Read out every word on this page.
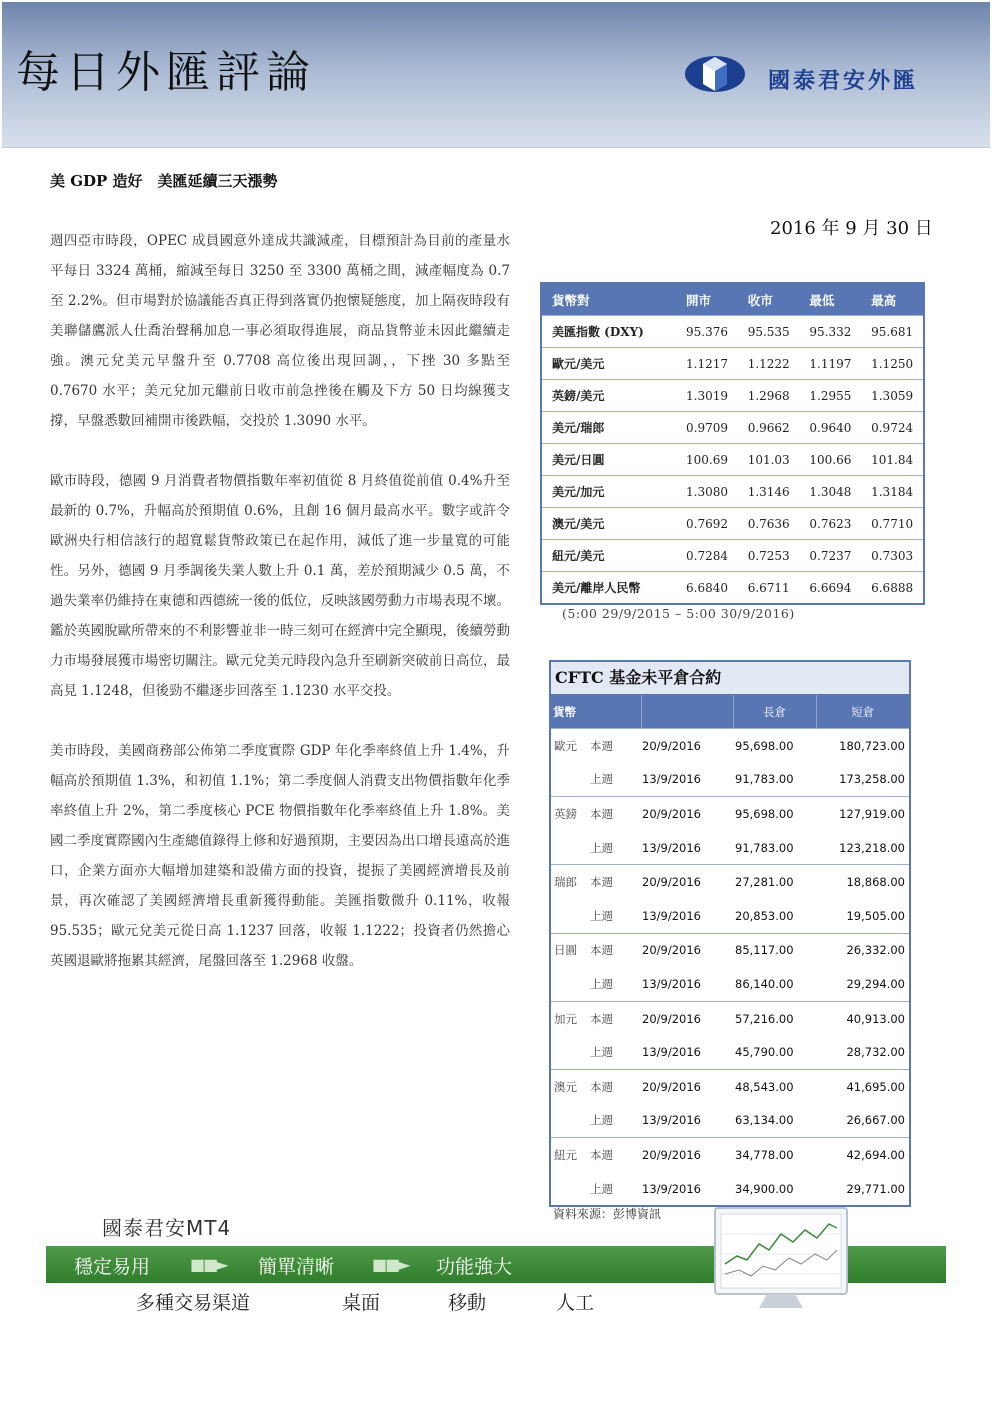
每日外匯評論	國泰君安外匯
美 GDP 造好　美匯延續三天漲勢
2016 年 9 月 30 日

週四亞市時段，OPEC 成員國意外達成共識減產，目標預計為目前的產量水平每日 3324 萬桶，縮減至每日 3250 至 3300 萬桶之間，減產幅度為 0.7 至 2.2%。但市場對於協議能否真正得到落實仍抱懷疑態度，加上隔夜時段有美聯儲鷹派人仕喬治聲稱加息一事必須取得進展，商品貨幣並未因此繼續走強。澳元兌美元早盤升至 0.7708 高位後出現回調，，下挫 30 多點至 0.7670 水平；美元兌加元繼前日收市前急挫後在觸及下方 50 日均線獲支撐，早盤悉數回補開市後跌幅，交投於 1.3090 水平。

歐市時段，德國 9 月消費者物價指數年率初值從 8 月終值從前值 0.4%升至最新的 0.7%，升幅高於預期值 0.6%，且創 16 個月最高水平。數字或許令歐洲央行相信該行的超寬鬆貨幣政策已在起作用，減低了進一步量寬的可能性。另外，德國 9 月季調後失業人數上升 0.1 萬，差於預期減少 0.5 萬，不過失業率仍維持在東德和西德統一後的低位，反映該國勞動力市場表現不壞。鑑於英國脫歐所帶來的不利影響並非一時三刻可在經濟中完全顯現，後續勞動力市場發展獲市場密切關注。歐元兌美元時段內急升至刷新突破前日高位，最高見 1.1248，但後勁不繼逐步回落至 1.1230 水平交投。

美市時段，美國商務部公佈第二季度實際 GDP 年化季率終值上升 1.4%，升幅高於預期值 1.3%，和初值 1.1%；第二季度個人消費支出物價指數年化季率終值上升 2%，第二季度核心 PCE 物價指數年化季率終值上升 1.8%。美國二季度實際國內生產總值錄得上修和好過預期，主要因為出口增長遠高於進口，企業方面亦大幅增加建築和設備方面的投資，提振了美國經濟增長及前景，再次確認了美國經濟增長重新獲得動能。美匯指數微升 0.11%，收報 95.535；歐元兌美元從日高 1.1237 回落，收報 1.1222；投資者仍然擔心英國退歐將拖累其經濟，尾盤回落至 1.2968 收盤。

貨幣對	開市	收市	最低	最高
美匯指數 (DXY)	95.376	95.535	95.332	95.681
歐元/美元	1.1217	1.1222	1.1197	1.1250
英鎊/美元	1.3019	1.2968	1.2955	1.3059
美元/瑞郎	0.9709	0.9662	0.9640	0.9724
美元/日圓	100.69	101.03	100.66	101.84
美元/加元	1.3080	1.3146	1.3048	1.3184
澳元/美元	0.7692	0.7636	0.7623	0.7710
紐元/美元	0.7284	0.7253	0.7237	0.7303
美元/離岸人民幣	6.6840	6.6711	6.6694	6.6888
(5:00 29/9/2015 – 5:00 30/9/2016)
CFTC 基金未平倉合約
貨幣			長倉	短倉
歐元	本週	20/9/2016	95,698.00	180,723.00
	上週	13/9/2016	91,783.00	173,258.00
英鎊	本週	20/9/2016	95,698.00	127,919.00
	上週	13/9/2016	91,783.00	123,218.00
瑞郎	本週	20/9/2016	27,281.00	18,868.00
	上週	13/9/2016	20,853.00	19,505.00
日圓	本週	20/9/2016	85,117.00	26,332.00
	上週	13/9/2016	86,140.00	29,294.00
加元	本週	20/9/2016	57,216.00	40,913.00
	上週	13/9/2016	45,790.00	28,732.00
澳元	本週	20/9/2016	48,543.00	41,695.00
	上週	13/9/2016	63,134.00	26,667.00
紐元	本週	20/9/2016	34,778.00	42,694.00
	上週	13/9/2016	34,900.00	29,771.00
資料來源：彭博資訊
國泰君安MT4
穩定易用 ■■► 簡單清晰 ■■► 功能強大
多種交易渠道	桌面	移動	人工
